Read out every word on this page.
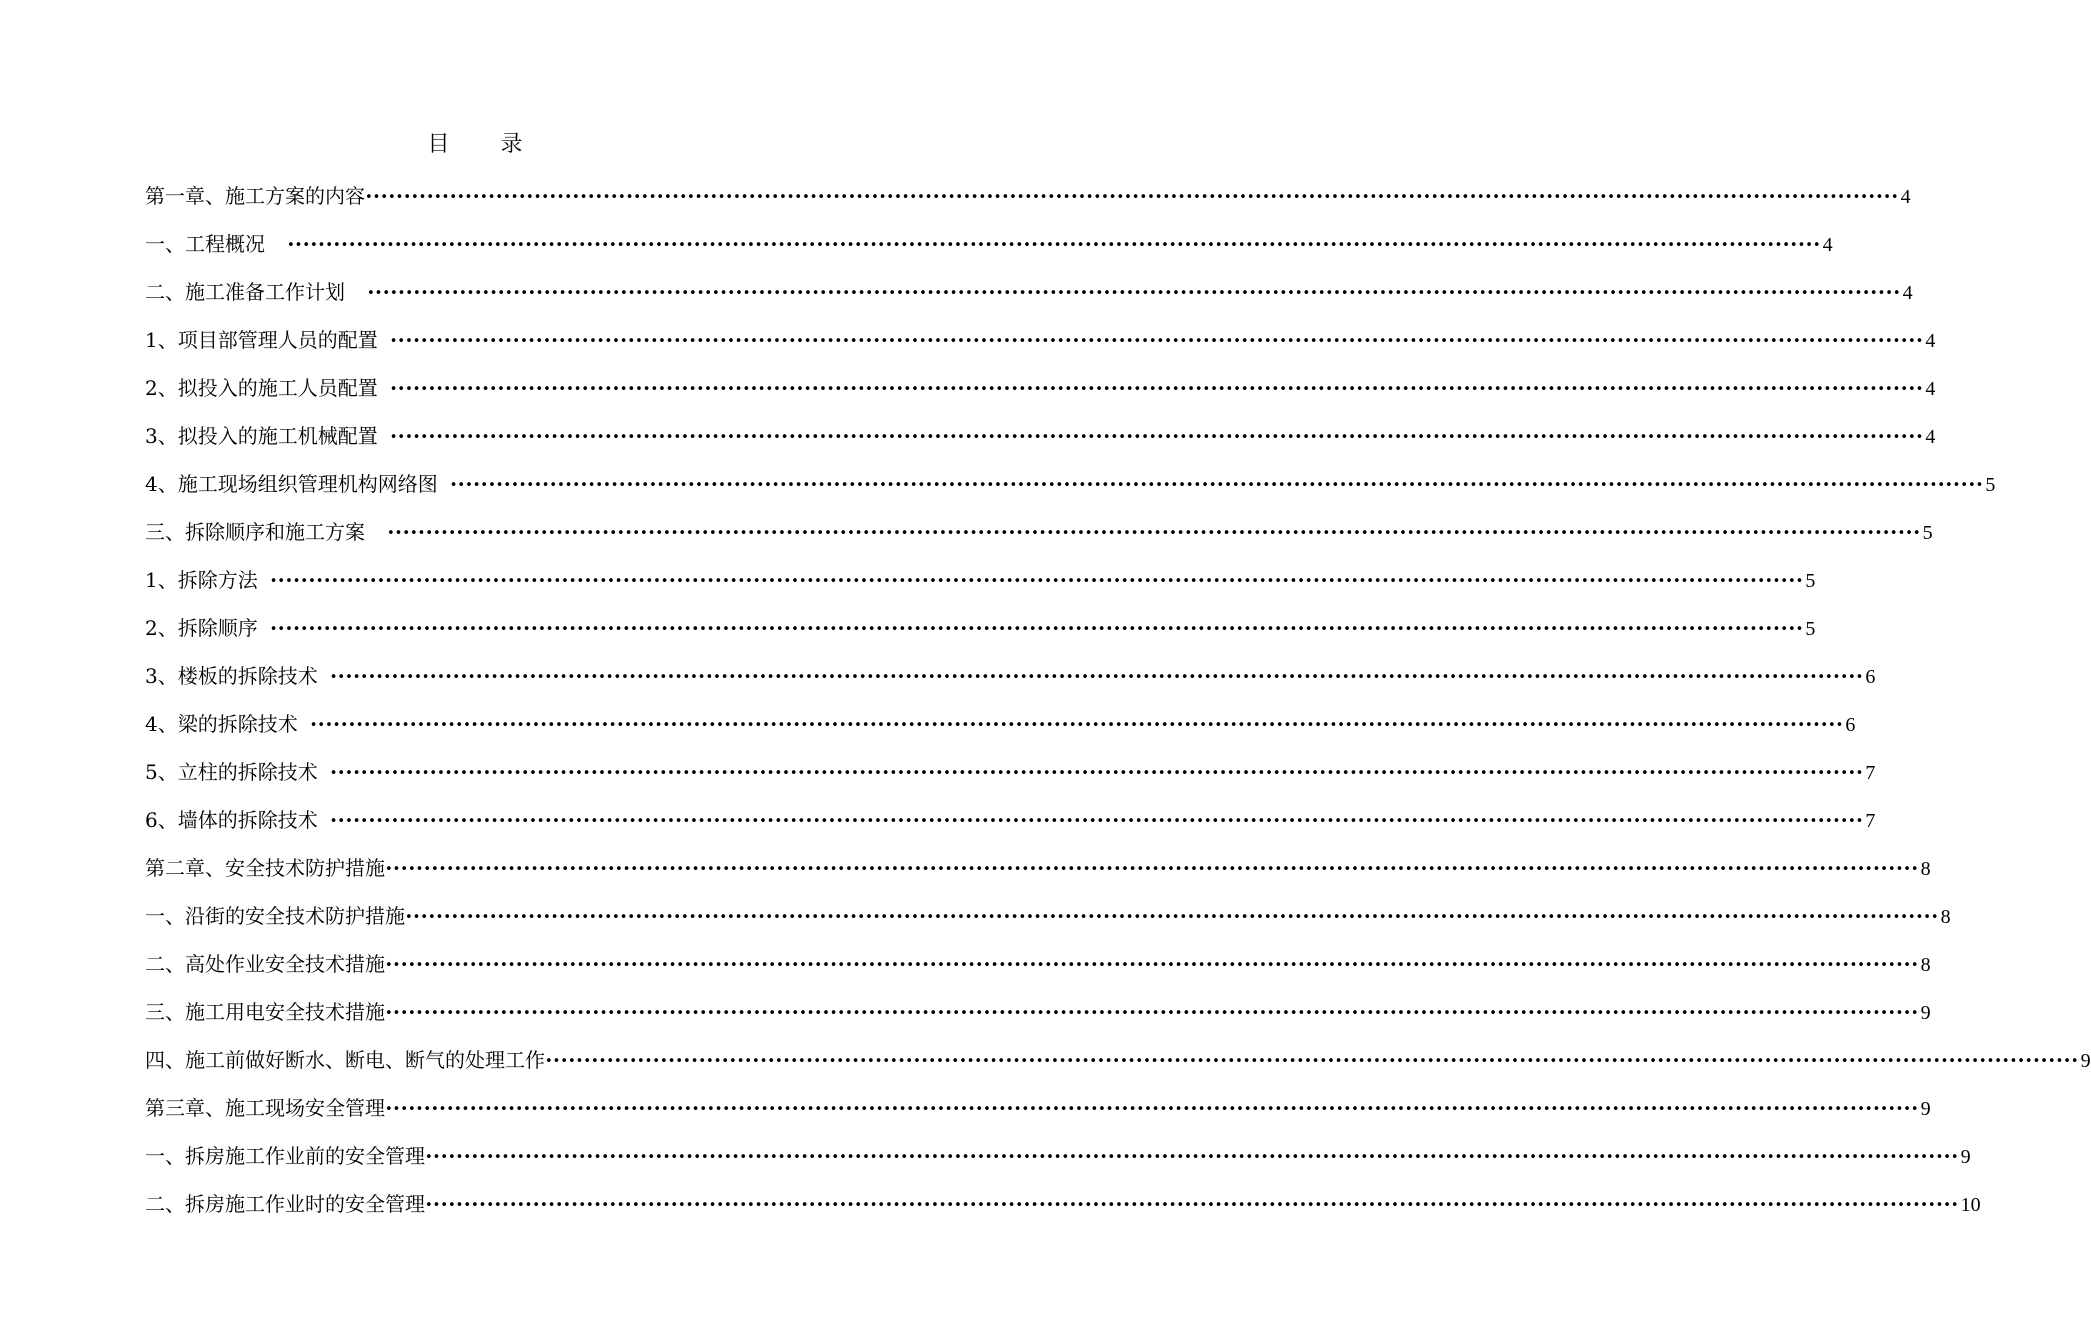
目 录
第一章、施工方案的内容 •••••••••••••••••••••••••••••••••••••••••••••••••••••••••••••••••••••••••••••••••••••••••••••••••••••••••••••••••••••••••••••••••••••••••••••••••••••••••••••••••••••••••••••••••••••••••••••••••••••••• 4
一、工程概况 •••••••••••••••••••••••••••••••••••••••••••••••••••••••••••••••••••••••••••••••••••••••••••••••••••••••••••••••••••••••••••••••••••••••••••••••••••••••••••••••••••••••••••••••••••••••••••••••••••••••• 4
二、施工准备工作计划 •••••••••••••••••••••••••••••••••••••••••••••••••••••••••••••••••••••••••••••••••••••••••••••••••••••••••••••••••••••••••••••••••••••••••••••••••••••••••••••••••••••••••••••••••••••••••••••••••••••••• 4
1、项目部管理人员的配置 •••••••••••••••••••••••••••••••••••••••••••••••••••••••••••••••••••••••••••••••••••••••••••••••••••••••••••••••••••••••••••••••••••••••••••••••••••••••••••••••••••••••••••••••••••••••••••••••••••••••• 4
2、拟投入的施工人员配置 •••••••••••••••••••••••••••••••••••••••••••••••••••••••••••••••••••••••••••••••••••••••••••••••••••••••••••••••••••••••••••••••••••••••••••••••••••••••••••••••••••••••••••••••••••••••••••••••••••••••• 4
3、拟投入的施工机械配置 •••••••••••••••••••••••••••••••••••••••••••••••••••••••••••••••••••••••••••••••••••••••••••••••••••••••••••••••••••••••••••••••••••••••••••••••••••••••••••••••••••••••••••••••••••••••••••••••••••••••• 4
4、施工现场组织管理机构网络图 •••••••••••••••••••••••••••••••••••••••••••••••••••••••••••••••••••••••••••••••••••••••••••••••••••••••••••••••••••••••••••••••••••••••••••••••••••••••••••••••••••••••••••••••••••••••••••••••••••••••• 5
三、拆除顺序和施工方案 •••••••••••••••••••••••••••••••••••••••••••••••••••••••••••••••••••••••••••••••••••••••••••••••••••••••••••••••••••••••••••••••••••••••••••••••••••••••••••••••••••••••••••••••••••••••••••••••••••••••• 5
1、拆除方法 •••••••••••••••••••••••••••••••••••••••••••••••••••••••••••••••••••••••••••••••••••••••••••••••••••••••••••••••••••••••••••••••••••••••••••••••••••••••••••••••••••••••••••••••••••••••••••••••••••••••• 5
2、拆除顺序 •••••••••••••••••••••••••••••••••••••••••••••••••••••••••••••••••••••••••••••••••••••••••••••••••••••••••••••••••••••••••••••••••••••••••••••••••••••••••••••••••••••••••••••••••••••••••••••••••••••••• 5
3、楼板的拆除技术 •••••••••••••••••••••••••••••••••••••••••••••••••••••••••••••••••••••••••••••••••••••••••••••••••••••••••••••••••••••••••••••••••••••••••••••••••••••••••••••••••••••••••••••••••••••••••••••••••••••••• 6
4、梁的拆除技术 •••••••••••••••••••••••••••••••••••••••••••••••••••••••••••••••••••••••••••••••••••••••••••••••••••••••••••••••••••••••••••••••••••••••••••••••••••••••••••••••••••••••••••••••••••••••••••••••••••••••• 6
5、立柱的拆除技术 •••••••••••••••••••••••••••••••••••••••••••••••••••••••••••••••••••••••••••••••••••••••••••••••••••••••••••••••••••••••••••••••••••••••••••••••••••••••••••••••••••••••••••••••••••••••••••••••••••••••• 7
6、墙体的拆除技术 •••••••••••••••••••••••••••••••••••••••••••••••••••••••••••••••••••••••••••••••••••••••••••••••••••••••••••••••••••••••••••••••••••••••••••••••••••••••••••••••••••••••••••••••••••••••••••••••••••••••• 7
第二章、安全技术防护措施 •••••••••••••••••••••••••••••••••••••••••••••••••••••••••••••••••••••••••••••••••••••••••••••••••••••••••••••••••••••••••••••••••••••••••••••••••••••••••••••••••••••••••••••••••••••••••••••••••••••••• 8
一、沿街的安全技术防护措施 •••••••••••••••••••••••••••••••••••••••••••••••••••••••••••••••••••••••••••••••••••••••••••••••••••••••••••••••••••••••••••••••••••••••••••••••••••••••••••••••••••••••••••••••••••••••••••••••••••••••• 8
二、高处作业安全技术措施 •••••••••••••••••••••••••••••••••••••••••••••••••••••••••••••••••••••••••••••••••••••••••••••••••••••••••••••••••••••••••••••••••••••••••••••••••••••••••••••••••••••••••••••••••••••••••••••••••••••••• 8
三、施工用电安全技术措施 •••••••••••••••••••••••••••••••••••••••••••••••••••••••••••••••••••••••••••••••••••••••••••••••••••••••••••••••••••••••••••••••••••••••••••••••••••••••••••••••••••••••••••••••••••••••••••••••••••••••• 9
四、施工前做好断水、断电、断气的处理工作 •••••••••••••••••••••••••••••••••••••••••••••••••••••••••••••••••••••••••••••••••••••••••••••••••••••••••••••••••••••••••••••••••••••••••••••••••••••••••••••••••••••••••••••••••••••••••••••••••••••••• 9
第三章、施工现场安全管理 •••••••••••••••••••••••••••••••••••••••••••••••••••••••••••••••••••••••••••••••••••••••••••••••••••••••••••••••••••••••••••••••••••••••••••••••••••••••••••••••••••••••••••••••••••••••••••••••••••••••• 9
一、拆房施工作业前的安全管理 •••••••••••••••••••••••••••••••••••••••••••••••••••••••••••••••••••••••••••••••••••••••••••••••••••••••••••••••••••••••••••••••••••••••••••••••••••••••••••••••••••••••••••••••••••••••••••••••••••••••• 9
二、拆房施工作业时的安全管理 •••••••••••••••••••••••••••••••••••••••••••••••••••••••••••••••••••••••••••••••••••••••••••••••••••••••••••••••••••••••••••••••••••••••••••••••••••••••••••••••••••••••••••••••••••••••••••••••••••••••• 10
